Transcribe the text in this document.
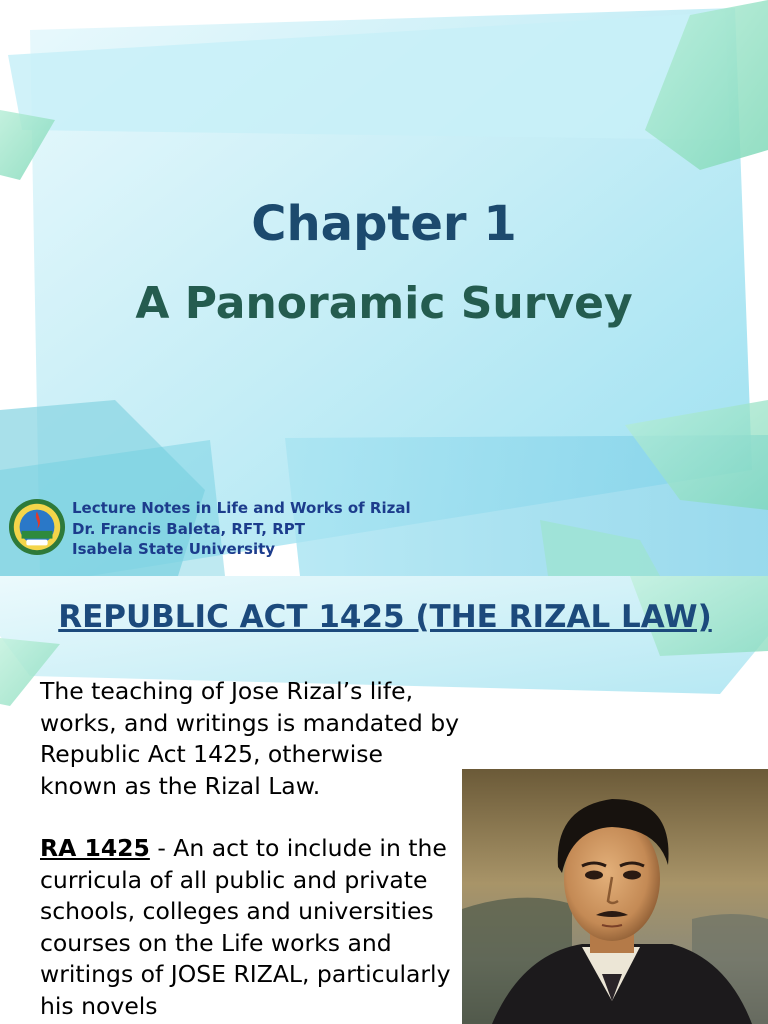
Chapter 1
A Panoramic Survey
Lecture Notes in Life and Works of Rizal
Dr. Francis Baleta, RFT, RPT
Isabela State University
REPUBLIC ACT 1425 (THE RIZAL LAW)

The teaching of Jose Rizal’s life, works, and writings is mandated by Republic Act 1425, otherwise known as the Rizal Law.

RA 1425 - An act to include in the curricula of all public and private schools, colleges and universities courses on the Life works and writings of JOSE RIZAL, particularly his novels
